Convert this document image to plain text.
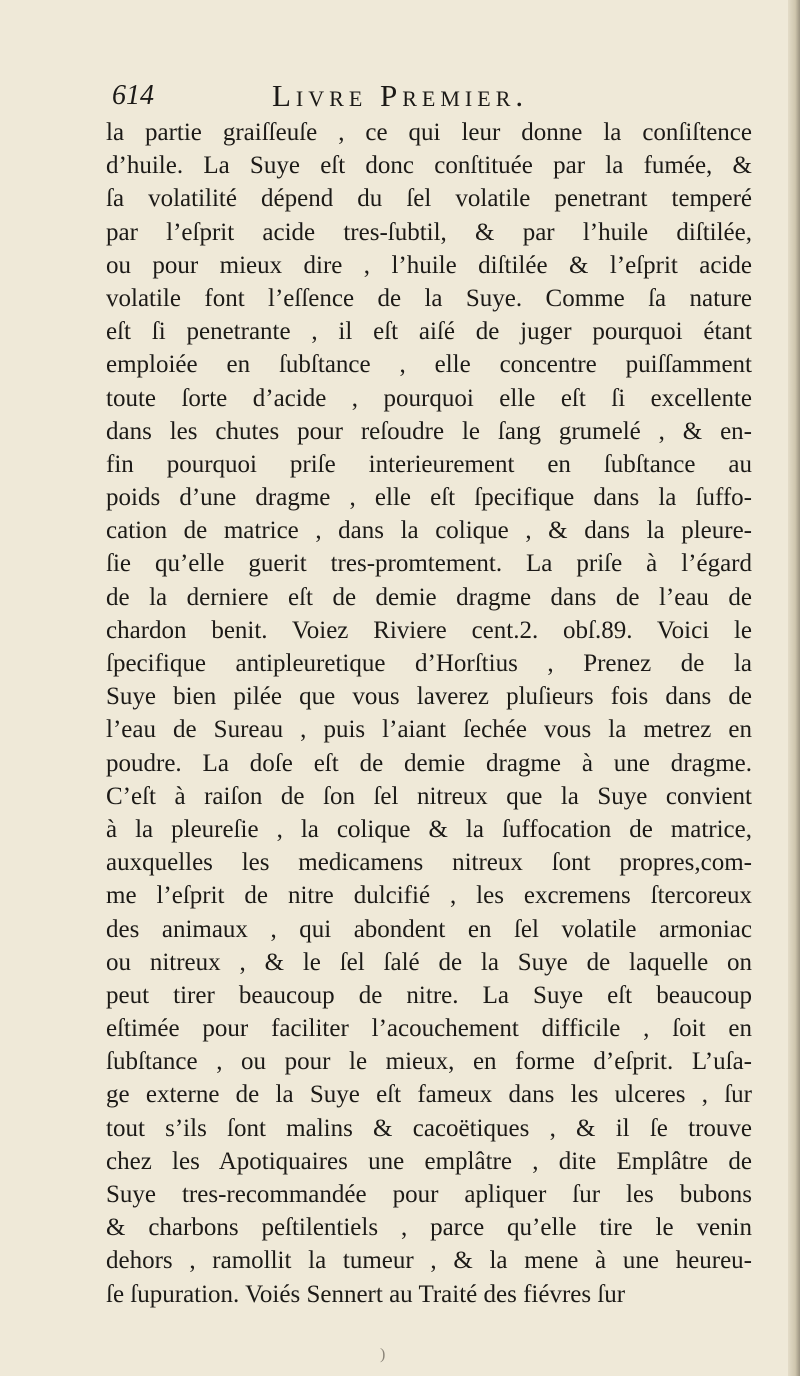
614	Livre Premier.
la partie graiſſeuſe , ce qui leur donne la conſiſtence
d’huile. La Suye eſt donc conſtituée par la fumée, &
ſa volatilité dépend du ſel volatile penetrant temperé
par l’eſprit acide tres-ſubtil, & par l’huile diſtilée,
ou pour mieux dire , l’huile diſtilée & l’eſprit acide
volatile font l’eſſence de la Suye. Comme ſa nature
eſt ſi penetrante , il eſt aiſé de juger pourquoi étant
emploiée en ſubſtance , elle concentre puiſſamment
toute ſorte d’acide , pourquoi elle eſt ſi excellente
dans les chutes pour reſoudre le ſang grumelé , & en-
fin pourquoi priſe interieurement en ſubſtance au
poids d’une dragme , elle eſt ſpecifique dans la ſuffo-
cation de matrice , dans la colique , & dans la pleure-
ſie qu’elle guerit tres-promtement. La priſe à l’égard
de la derniere eſt de demie dragme dans de l’eau de
chardon benit. Voiez Riviere cent.2. obſ.89. Voici le
ſpecifique antipleuretique d’Horſtius , Prenez de la
Suye bien pilée que vous laverez pluſieurs fois dans de
l’eau de Sureau , puis l’aiant ſechée vous la metrez en
poudre. La doſe eſt de demie dragme à une dragme.
C’eſt à raiſon de ſon ſel nitreux que la Suye convient
à la pleureſie , la colique & la ſuffocation de matrice,
auxquelles les medicamens nitreux ſont propres,com-
me l’eſprit de nitre dulcifié , les excremens ſtercoreux
des animaux , qui abondent en ſel volatile armoniac
ou nitreux , & le ſel ſalé de la Suye de laquelle on
peut tirer beaucoup de nitre. La Suye eſt beaucoup
eſtimée pour faciliter l’acouchement difficile , ſoit en
ſubſtance , ou pour le mieux, en forme d’eſprit. L’uſa-
ge externe de la Suye eſt fameux dans les ulceres , ſur
tout s’ils ſont malins & cacoëtiques , & il ſe trouve
chez les Apotiquaires une emplâtre , dite Emplâtre de
Suye tres-recommandée pour apliquer ſur les bubons
& charbons peſtilentiels , parce qu’elle tire le venin
dehors , ramollit la tumeur , & la mene à une heureu-
ſe ſupuration. Voiés Sennert au Traité des fiévres ſur
)
